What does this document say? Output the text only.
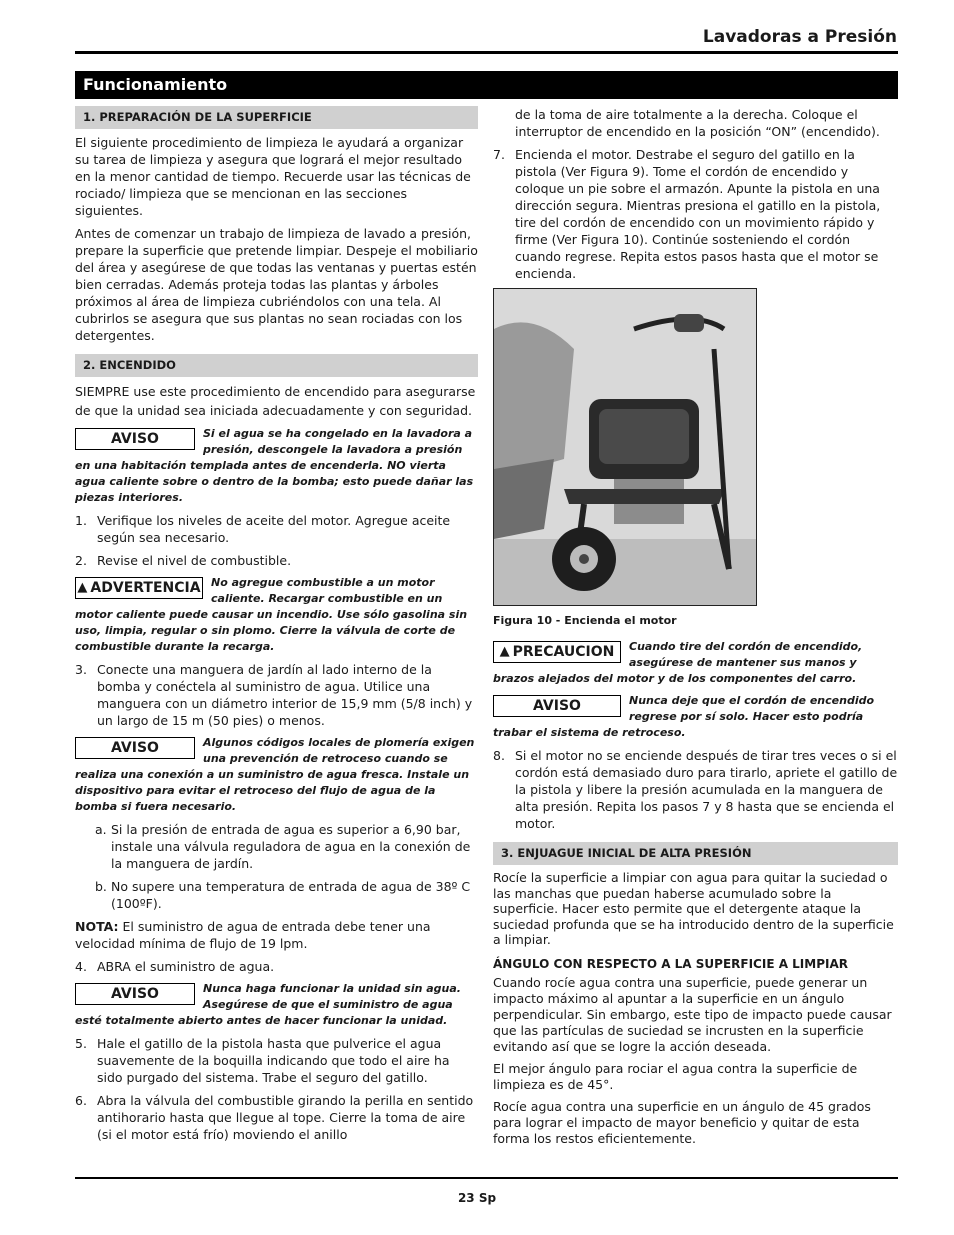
Lavadoras a Presión
Funcionamiento
1. PREPARACIÓN DE LA SUPERFICIE

El siguiente procedimiento de limpieza le ayudará a organizar su tarea de limpieza y asegura que logrará el mejor resultado en la menor cantidad de tiempo. Recuerde usar las técnicas de rociado/ limpieza que se mencionan en las secciones siguientes.

Antes de comenzar un trabajo de limpieza de lavado a presión, prepare la superficie que pretende limpiar. Despeje el mobiliario del área y asegúrese de que todas las ventanas y puertas estén bien cerradas. Además proteja todas las plantas y árboles próximos al área de limpieza cubriéndolos con una tela. Al cubrirlos se asegura que sus plantas no sean rociadas con los detergentes.

2. ENCENDIDO

SIEMPRE use este procedimiento de encendido para asegurarse de que la unidad sea iniciada adecuadamente y con seguridad.

AVISO	Si el agua se ha congelado en la lavadora a presión, descongele la lavadora a presión en una habitación templada antes de encenderla. NO vierta agua caliente sobre o dentro de la bomba; esto puede dañar las piezas interiores.
1. Verifique los niveles de aceite del motor. Agregue aceite según sea necesario.
2. Revise el nivel de combustible.
▲ ADVERTENCIA No agregue combustible a un motor caliente. Recargar combustible en un motor caliente puede causar un incendio. Use sólo gasolina sin uso, limpia, regular o sin plomo. Cierre la válvula de corte de combustible durante la recarga.
3. Conecte una manguera de jardín al lado interno de la bomba y conéctela al suministro de agua. Utilice una manguera con un diámetro interior de 15,9 mm (5/8 inch) y un largo de 15 m (50 pies) o menos.
AVISO	Algunos códigos locales de plomería exigen una prevención de retroceso cuando se realiza una conexión a un suministro de agua fresca. Instale un dispositivo para evitar el retroceso del flujo de agua de la bomba si fuera necesario.
a. Si la presión de entrada de agua es superior a 6,90 bar, instale una válvula reguladora de agua en la conexión de la manguera de jardín.
b. No supere una temperatura de entrada de agua de 38º C (100ºF).

NOTA: El suministro de agua de entrada debe tener una velocidad mínima de flujo de 19 lpm.

4. ABRA el suministro de agua.
AVISO	Nunca haga funcionar la unidad sin agua. Asegúrese de que el suministro de agua esté totalmente abierto antes de hacer funcionar la unidad.
5. Hale el gatillo de la pistola hasta que pulverice el agua suavemente de la boquilla indicando que todo el aire ha sido purgado del sistema. Trabe el seguro del gatillo.
6. Abra la válvula del combustible girando la perilla en sentido antihorario hasta que llegue al tope. Cierre la toma de aire (si el motor está frío) moviendo el anillo

de la toma de aire totalmente a la derecha. Coloque el interruptor de encendido en la posición “ON” (encendido).

7. Encienda el motor. Destrabe el seguro del gatillo en la pistola (Ver Figura 9). Tome el cordón de encendido y coloque un pie sobre el armazón. Apunte la pistola en una dirección segura. Mientras presiona el gatillo en la pistola, tire del cordón de encendido con un movimiento rápido y firme (Ver Figura 10). Continúe sosteniendo el cordón cuando regrese. Repita estos pasos hasta que el motor se encienda.
Figura 10 - Encienda el motor
▲ PRECAUCION Cuando tire del cordón de encendido, asegúrese de mantener sus manos y brazos alejados del motor y de los componentes del carro.
AVISO	Nunca deje que el cordón de encendido regrese por sí solo. Hacer esto podría trabar el sistema de retroceso.
8. Si el motor no se enciende después de tirar tres veces o si el cordón está demasiado duro para tirarlo, apriete el gatillo de la pistola y libere la presión acumulada en la manguera de alta presión. Repita los pasos 7 y 8 hasta que se encienda el motor.
3. ENJUAGUE INICIAL DE ALTA PRESIÓN

Rocíe la superficie a limpiar con agua para quitar la suciedad o las manchas que puedan haberse acumulado sobre la superficie. Hacer esto permite que el detergente ataque la suciedad profunda que se ha introducido dentro de la superficie a limpiar.

ÁNGULO CON RESPECTO A LA SUPERFICIE A LIMPIAR

Cuando rocíe agua contra una superficie, puede generar un impacto máximo al apuntar a la superficie en un ángulo perpendicular. Sin embargo, este tipo de impacto puede causar que las partículas de suciedad se incrusten en la superficie evitando así que se logre la acción deseada.

El mejor ángulo para rociar el agua contra la superficie de limpieza es de 45°.

Rocíe agua contra una superficie en un ángulo de 45 grados para lograr el impacto de mayor beneficio y quitar de esta forma los restos eficientemente.

23 Sp
